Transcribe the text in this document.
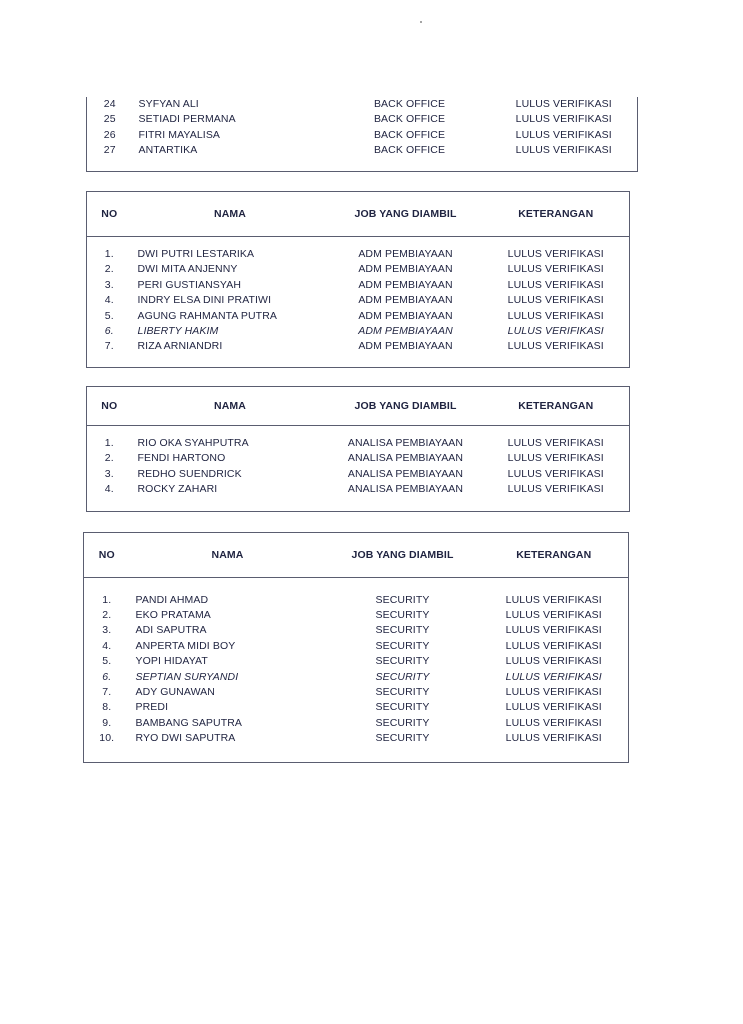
24	SYFYAN ALI	BACK OFFICE	LULUS VERIFIKASI
25	SETIADI PERMANA	BACK OFFICE	LULUS VERIFIKASI
26	FITRI MAYALISA	BACK OFFICE	LULUS VERIFIKASI
27	ANTARTIKA	BACK OFFICE	LULUS VERIFIKASI

NO	NAMA	JOB YANG DIAMBIL	KETERANGAN

1.	DWI PUTRI LESTARIKA	ADM PEMBIAYAAN	LULUS VERIFIKASI
2.	DWI MITA ANJENNY	ADM PEMBIAYAAN	LULUS VERIFIKASI
3.	PERI GUSTIANSYAH	ADM PEMBIAYAAN	LULUS VERIFIKASI
4.	INDRY ELSA DINI PRATIWI	ADM PEMBIAYAAN	LULUS VERIFIKASI
5.	AGUNG RAHMANTA PUTRA	ADM PEMBIAYAAN	LULUS VERIFIKASI
6.	LIBERTY HAKIM	ADM PEMBIAYAAN	LULUS VERIFIKASI
7.	RIZA ARNIANDRI	ADM PEMBIAYAAN	LULUS VERIFIKASI

NO	NAMA	JOB YANG DIAMBIL	KETERANGAN

1.	RIO OKA SYAHPUTRA	ANALISA PEMBIAYAAN	LULUS VERIFIKASI
2.	FENDI HARTONO	ANALISA PEMBIAYAAN	LULUS VERIFIKASI
3.	REDHO SUENDRICK	ANALISA PEMBIAYAAN	LULUS VERIFIKASI
4.	ROCKY ZAHARI	ANALISA PEMBIAYAAN	LULUS VERIFIKASI

NO	NAMA	JOB YANG DIAMBIL	KETERANGAN

1.	PANDI AHMAD	SECURITY	LULUS VERIFIKASI
2.	EKO PRATAMA	SECURITY	LULUS VERIFIKASI
3.	ADI SAPUTRA	SECURITY	LULUS VERIFIKASI
4.	ANPERTA MIDI BOY	SECURITY	LULUS VERIFIKASI
5.	YOPI HIDAYAT	SECURITY	LULUS VERIFIKASI
6.	SEPTIAN SURYANDI	SECURITY	LULUS VERIFIKASI
7.	ADY GUNAWAN	SECURITY	LULUS VERIFIKASI
8.	PREDI	SECURITY	LULUS VERIFIKASI
9.	BAMBANG SAPUTRA	SECURITY	LULUS VERIFIKASI
10.	RYO DWI SAPUTRA	SECURITY	LULUS VERIFIKASI
